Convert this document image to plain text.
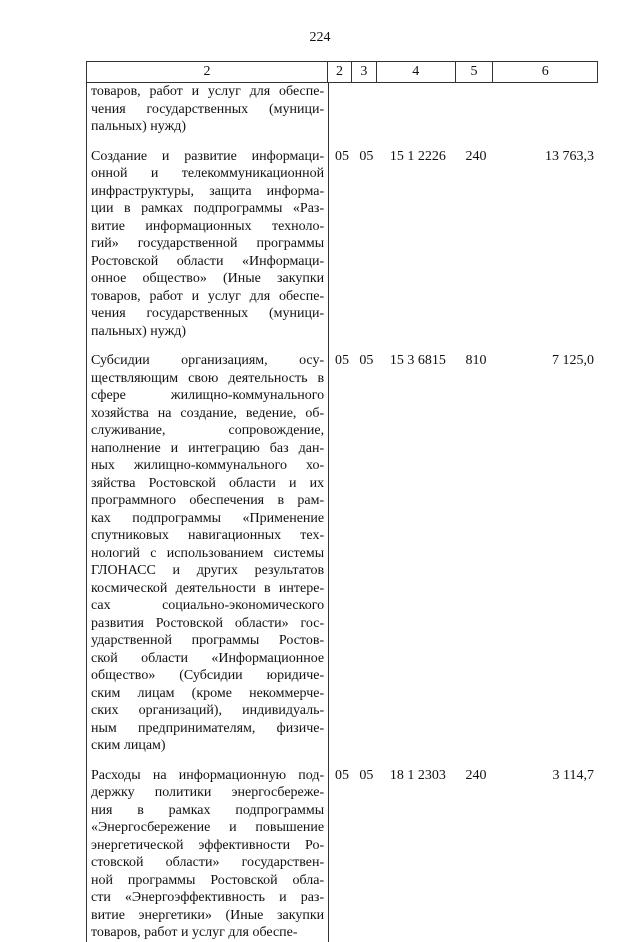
224
2	2	3	4	5	6
товаров, работ и услуг для обеспе-
чения государственных (муници-
пальных) нужд)
Создание и развитие информаци-
онной и телекоммуникационной
инфраструктуры, защита информа-
ции в рамках подпрограммы «Раз-
витие информационных техноло-
гий» государственной программы
Ростовской области «Информаци-
онное общество» (Иные закупки
товаров, работ и услуг для обеспе-
чения государственных (муници-
пальных) нужд)
05 05	15 1 2226	240	13 763,3
Субсидии организациям, осу-
ществляющим свою деятельность в
сфере жилищно-коммунального
хозяйства на создание, ведение, об-
служивание, сопровождение,
наполнение и интеграцию баз дан-
ных жилищно-коммунального хо-
зяйства Ростовской области и их
программного обеспечения в рам-
ках подпрограммы «Применение
спутниковых навигационных тех-
нологий с использованием системы
ГЛОНАСС и других результатов
космической деятельности в интере-
сах социально-экономического
развития Ростовской области» гос-
ударственной программы Ростов-
ской области «Информационное
общество» (Субсидии юридиче-
ским лицам (кроме некоммерче-
ских организаций), индивидуаль-
ным предпринимателям, физиче-
ским лицам)
05 05	15 3 6815	810	7 125,0
Расходы на информационную под-
держку политики энергосбереже-
ния в рамках подпрограммы
«Энергосбережение и повышение
энергетической эффективности Ро-
стовской области» государствен-
ной программы Ростовской обла-
сти «Энергоэффективность и раз-
витие энергетики» (Иные закупки
товаров, работ и услуг для обеспе-
05 05	18 1 2303	240	3 114,7
